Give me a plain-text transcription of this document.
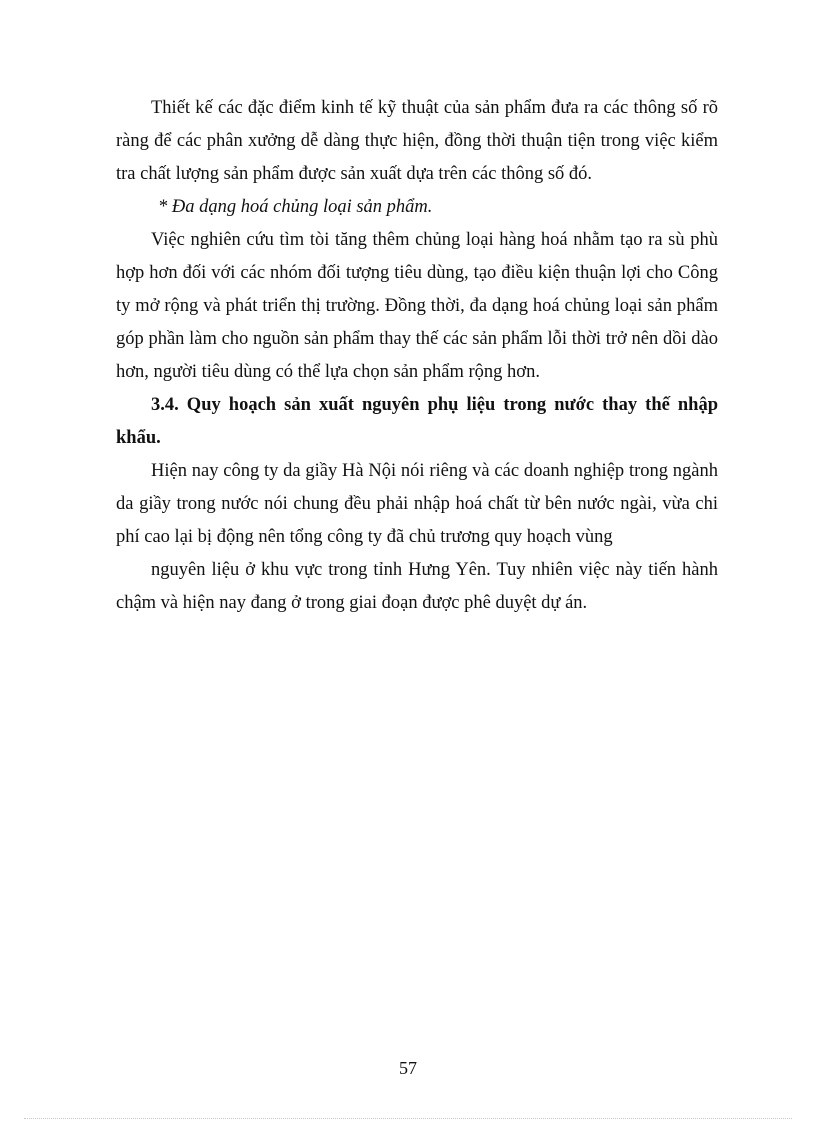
Thiết kế các đặc điểm kinh tế kỹ thuật của sản phẩm đưa ra các thông số rõ ràng để các phân xưởng dễ dàng thực hiện, đồng thời thuận tiện trong việc kiểm tra chất lượng sản phẩm được sản xuất dựa trên các thông số đó.

* Đa dạng hoá chủng loại sản phẩm.

Việc nghiên cứu tìm tòi tăng thêm chủng loại hàng hoá nhằm tạo ra sù phù hợp hơn đối với các nhóm đối tượng tiêu dùng, tạo điều kiện thuận lợi cho Công ty mở rộng và phát triển thị trường. Đồng thời, đa dạng hoá chủng loại sản phẩm góp phần làm cho nguồn sản phẩm thay thế các sản phẩm lỗi thời trở nên dồi dào hơn, người tiêu dùng có thể lựa chọn sản phẩm rộng hơn.

3.4. Quy hoạch sản xuất nguyên phụ liệu trong nước thay thế nhập khẩu.

Hiện nay công ty da giầy Hà Nội nói riêng và các doanh nghiệp trong ngành da giầy trong nước nói chung đều phải nhập hoá chất từ bên nước ngài, vừa chi phí cao lại bị động nên tổng công ty đã chủ trương quy hoạch vùng

nguyên liệu ở khu vực trong tỉnh Hưng Yên. Tuy nhiên việc này tiến hành chậm và hiện nay đang ở trong giai đoạn được phê duyệt dự án.

57
